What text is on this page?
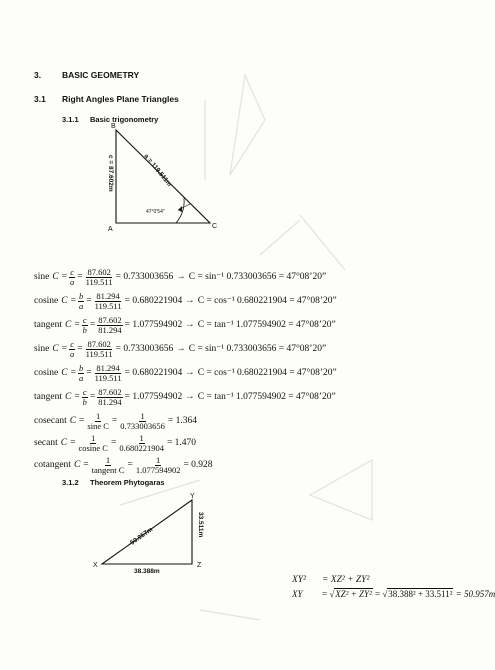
3. BASIC GEOMETRY
3.1 Right Angles Plane Triangles
3.1.1 Basic trigonometry
B
A	C
c = 87.602m	a = 119.511m
47°0'54"
sine $C = \frac{c}{a} = \frac{87.602}{119.511} = 0.733003656 \to C = \sin^{-1}$ 0.733003656 = 47°08’20”
cosine $C = \frac{b}{a} = \frac{81.294}{119.511} = 0.680221904 \to C = \cos^{-1}$ 0.680221904 = 47°08’20”
tangent $C = \frac{c}{b} = \frac{87.602}{81.294} = 1.077594902 \to C = \tan^{-1}$ 1.077594902 = 47°08’20”
sine $C = \frac{c}{a} = \frac{87.602}{119.511} = 0.733003656 \to C = \sin^{-1}$ 0.733003656 = 47°08’20”
cosine $C = \frac{b}{a} = \frac{81.294}{119.511} = 0.680221904 \to C = \cos^{-1}$ 0.680221904 = 47°08’20”
tangent $C = \frac{c}{b} = \frac{87.602}{81.294} = 1.077594902 \to C = \tan^{-1}$ 1.077594902 = 47°08’20”
cosecant $C = \frac{1}{\text{sine C}} = \frac{1}{0.733003656} = 1.364$
secant $C = \frac{1}{\text{cosine C}} = \frac{1}{0.680221904} = 1.470$
3.1.2 Theorem Phytogaras
cotangent $C = \frac{1}{\text{tangent C}} = \frac{1}{1.077594902} = 0.928$
Y
X	Z
50.957m	33.511m
38.388m
XY² = XZ² + ZY²
XY = √XZ² + ZY² = √38.388² + 33.511² = 50.957m
